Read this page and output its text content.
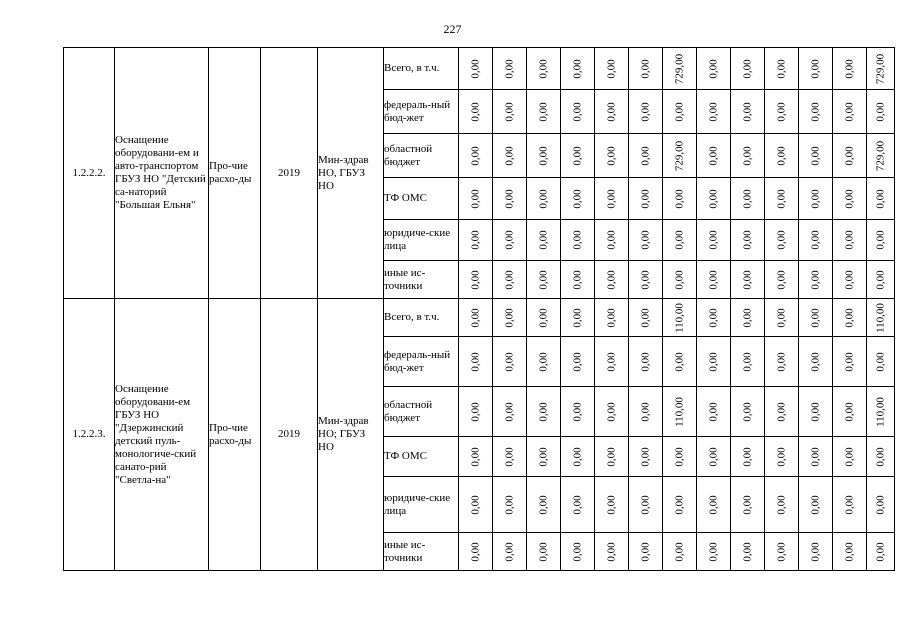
227
1.2.2.2.	Оснащение оборудовани-ем и авто-транспортом ГБУЗ НО "Детский са-наторий "Большая Ельня"	Про-чие расхо-ды	2019	Мин-здрав НО, ГБУЗ НО	Всего, в т.ч.	0,00	0,00	0,00	0,00	0,00	0,00	729,00	0,00	0,00	0,00	0,00	0,00	729,00

					федераль-ный бюд-жет	0,00	0,00	0,00	0,00	0,00	0,00	0,00	0,00	0,00	0,00	0,00	0,00	0,00

					областной бюджет	0,00	0,00	0,00	0,00	0,00	0,00	729,00	0,00	0,00	0,00	0,00	0,00	729,00

					ТФ ОМС	0,00	0,00	0,00	0,00	0,00	0,00	0,00	0,00	0,00	0,00	0,00	0,00	0,00

					юридиче-ские лица	0,00	0,00	0,00	0,00	0,00	0,00	0,00	0,00	0,00	0,00	0,00	0,00	0,00

					иные ис-точники	0,00	0,00	0,00	0,00	0,00	0,00	0,00	0,00	0,00	0,00	0,00	0,00	0,00

1.2.2.3.	Оснащение оборудовани-ем ГБУЗ НО "Дзержинский детский пуль-монологиче-ский санато-рий "Светла-на"	Про-чие расхо-ды	2019	Мин-здрав НО; ГБУЗ НО	Всего, в т.ч.	0,00	0,00	0,00	0,00	0,00	0,00	110,00	0,00	0,00	0,00	0,00	0,00	110,00

					федераль-ный бюд-жет	0,00	0,00	0,00	0,00	0,00	0,00	0,00	0,00	0,00	0,00	0,00	0,00	0,00

					областной бюджет	0,00	0,00	0,00	0,00	0,00	0,00	110,00	0,00	0,00	0,00	0,00	0,00	110,00

					ТФ ОМС	0,00	0,00	0,00	0,00	0,00	0,00	0,00	0,00	0,00	0,00	0,00	0,00	0,00

					юридиче-ские лица	0,00	0,00	0,00	0,00	0,00	0,00	0,00	0,00	0,00	0,00	0,00	0,00	0,00

					иные ис-точники	0,00	0,00	0,00	0,00	0,00	0,00	0,00	0,00	0,00	0,00	0,00	0,00	0,00
